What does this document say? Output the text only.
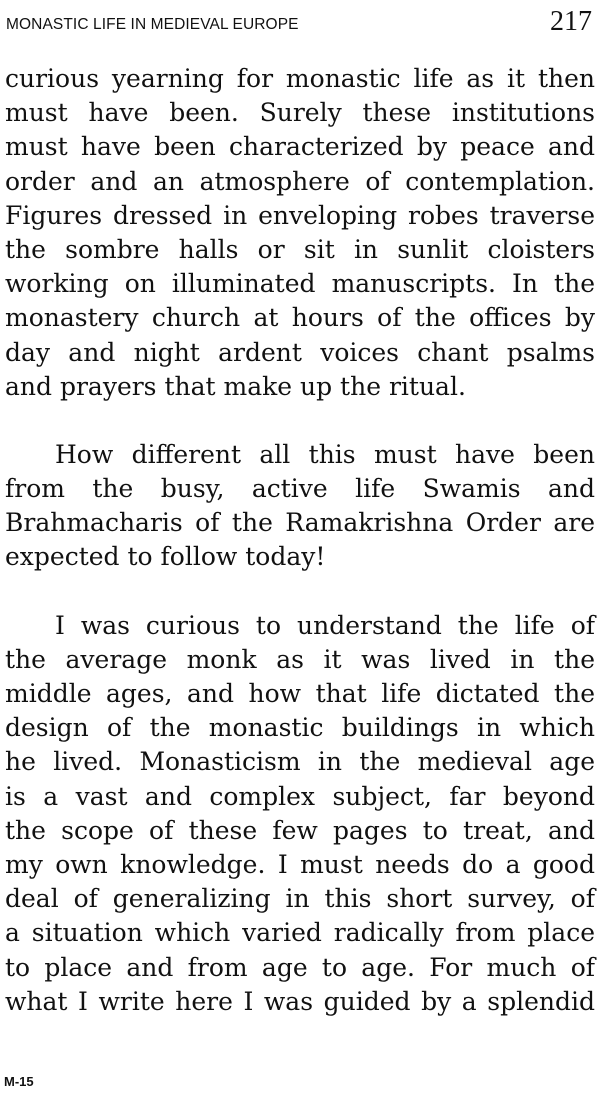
MONASTIC LIFE IN MEDIEVAL EUROPE	217

curious yearning for monastic life as it then
must have been. Surely these institutions
must have been characterized by peace and
order and an atmosphere of contemplation.
Figures dressed in enveloping robes traverse
the sombre halls or sit in sunlit cloisters
working on illuminated manuscripts. In the
monastery church at hours of the offices by
day and night ardent voices chant psalms
and prayers that make up the ritual.

How different all this must have been
from the busy, active life Swamis and
Brahmacharis of the Ramakrishna Order are
expected to follow today!

I was curious to understand the life of
the average monk as it was lived in the
middle ages, and how that life dictated the
design of the monastic buildings in which
he lived. Monasticism in the medieval age
is a vast and complex subject, far beyond
the scope of these few pages to treat, and
my own knowledge. I must needs do a good
deal of generalizing in this short survey, of
a situation which varied radically from place
to place and from age to age. For much of
what I write here I was guided by a splendid

M-15
